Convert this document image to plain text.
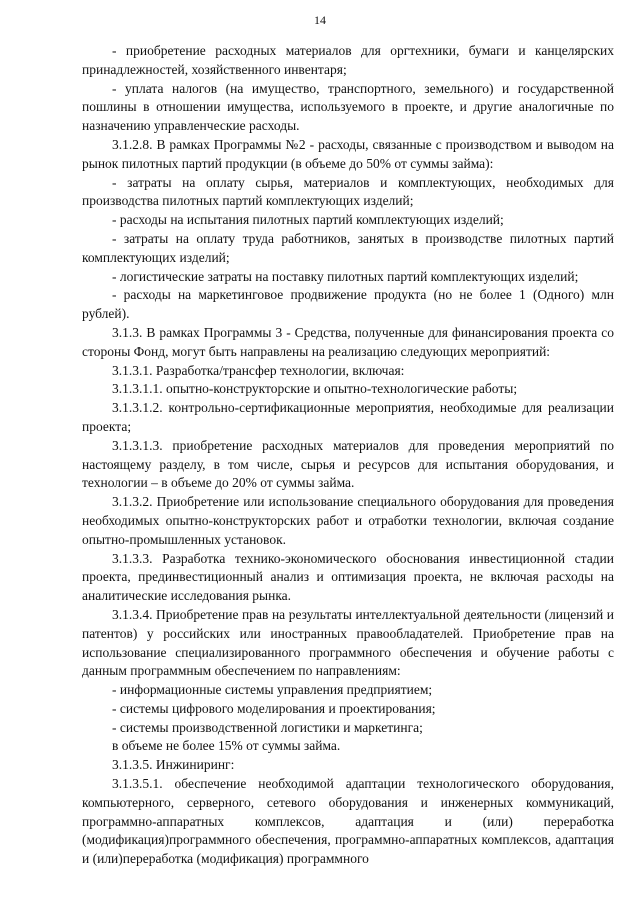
14

- приобретение расходных материалов для оргтехники, бумаги и канцелярских принадлежностей, хозяйственного инвентаря;

- уплата налогов (на имущество, транспортного, земельного) и государственной пошлины в отношении имущества, используемого в проекте, и другие аналогичные по назначению управленческие расходы.

3.1.2.8. В рамках Программы №2 - расходы, связанные с производством и выводом на рынок пилотных партий продукции (в объеме до 50% от суммы займа):

- затраты на оплату сырья, материалов и комплектующих, необходимых для производства пилотных партий комплектующих изделий;

- расходы на испытания пилотных партий комплектующих изделий;

- затраты на оплату труда работников, занятых в производстве пилотных партий комплектующих изделий;

- логистические затраты на поставку пилотных партий комплектующих изделий;

- расходы на маркетинговое продвижение продукта (но не более 1 (Одного) млн рублей).

3.1.3. В рамках Программы 3 - Средства, полученные для финансирования проекта со стороны Фонд, могут быть направлены на реализацию следующих мероприятий:

3.1.3.1. Разработка/трансфер технологии, включая:

3.1.3.1.1. опытно-конструкторские и опытно-технологические работы;

3.1.3.1.2. контрольно-сертификационные мероприятия, необходимые для реализации проекта;

3.1.3.1.3. приобретение расходных материалов для проведения мероприятий по настоящему разделу, в том числе, сырья и ресурсов для испытания оборудования, и технологии – в объеме до 20% от суммы займа.

3.1.3.2. Приобретение или использование специального оборудования для проведения необходимых опытно-конструкторских работ и отработки технологии, включая создание опытно-промышленных установок.

3.1.3.3. Разработка технико-экономического обоснования инвестиционной стадии проекта, прединвестиционный анализ и оптимизация проекта, не включая расходы на аналитические исследования рынка.

3.1.3.4. Приобретение прав на результаты интеллектуальной деятельности (лицензий и патентов) у российских или иностранных правообладателей. Приобретение прав на использование специализированного программного обеспечения и обучение работы с данным программным обеспечением по направлениям:

- информационные системы управления предприятием;

- системы цифрового моделирования и проектирования;

- системы производственной логистики и маркетинга;

в объеме не более 15% от суммы займа.

3.1.3.5. Инжиниринг:

3.1.3.5.1. обеспечение необходимой адаптации технологического оборудования, компьютерного, серверного, сетевого оборудования и инженерных коммуникаций, программно-аппаратных комплексов, адаптация и (или) переработка (модификация)программного обеспечения, программно-аппаратных комплексов, адаптация и (или)переработка (модификация) программного
